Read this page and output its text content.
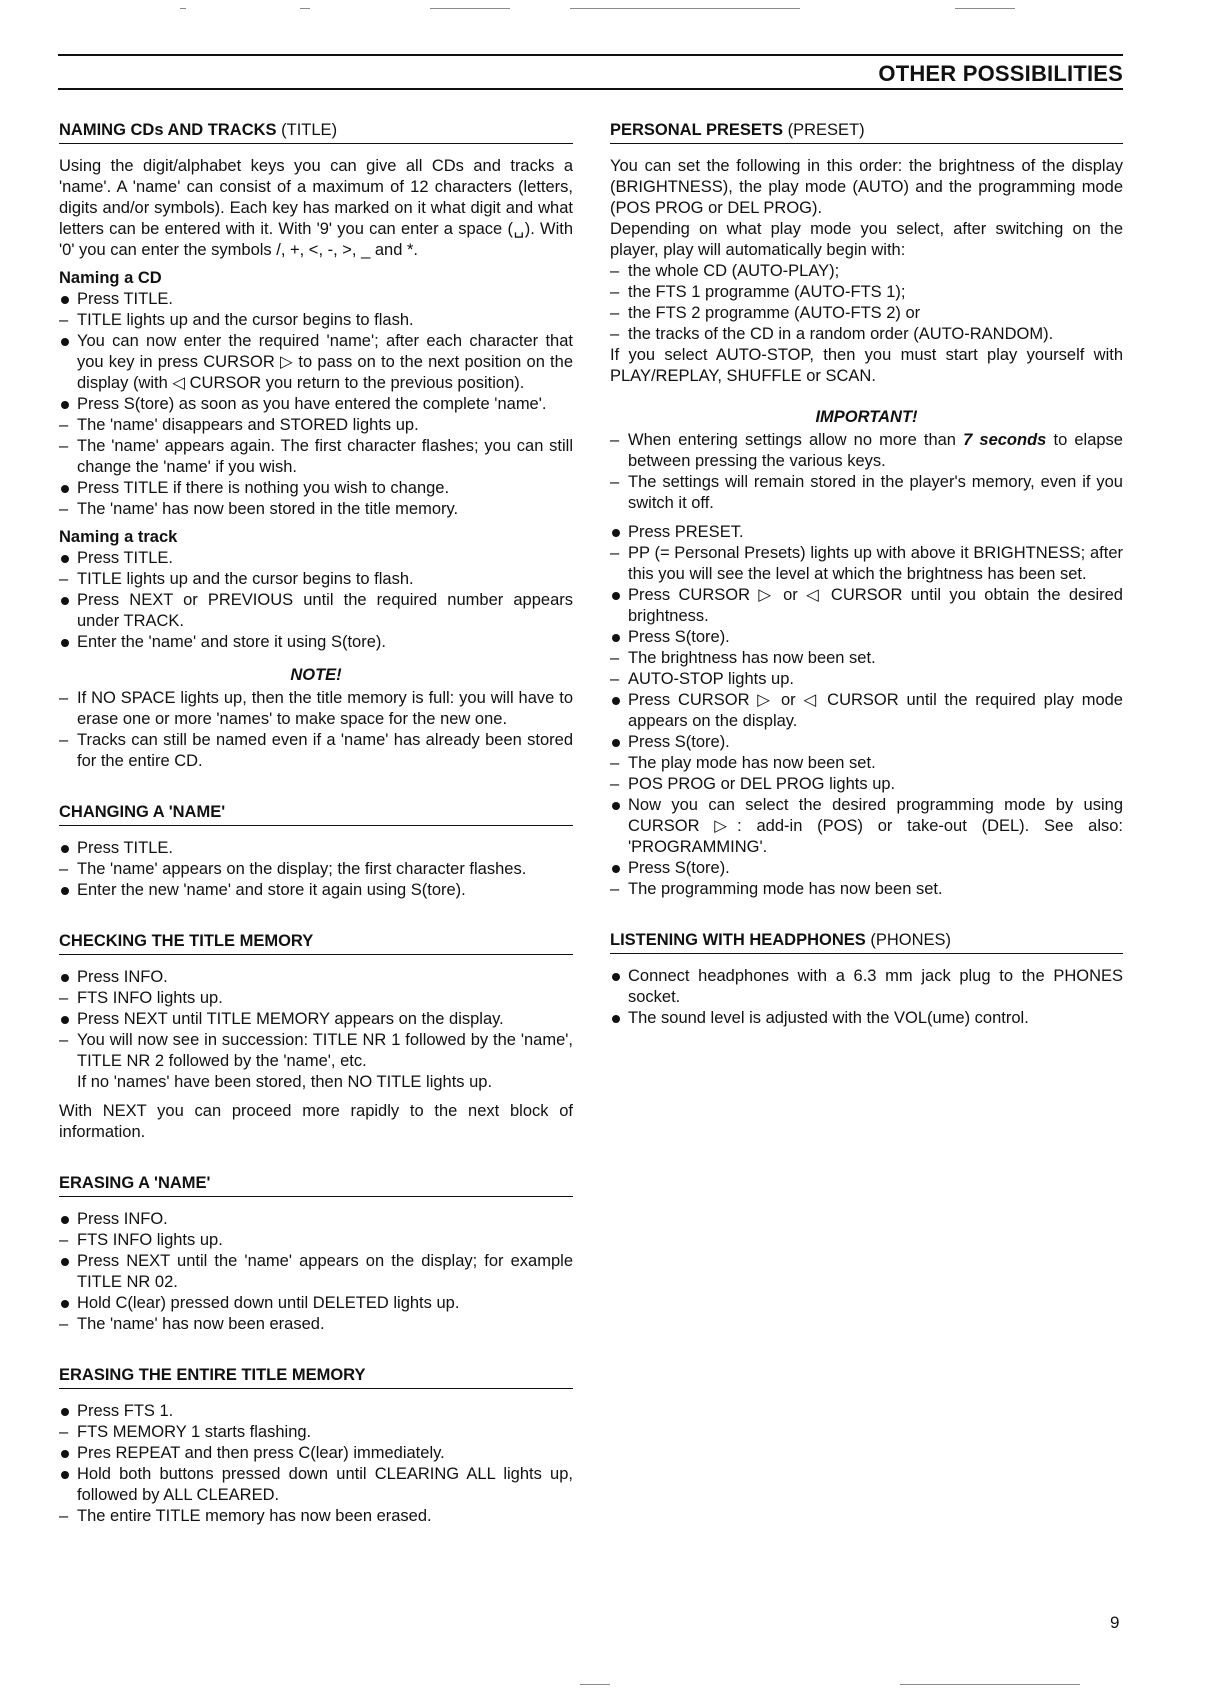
OTHER POSSIBILITIES
NAMING CDs AND TRACKS (TITLE)

Using the digit/alphabet keys you can give all CDs and tracks a 'name'. A 'name' can consist of a maximum of 12 characters (letters, digits and/or symbols). Each key has marked on it what digit and what letters can be entered with it. With '9' you can enter a space (␣). With '0' you can enter the symbols /, +, <, -, >, _ and *.

Naming a CD
Press TITLE.
– TITLE lights up and the cursor begins to flash.
You can now enter the required 'name'; after each character that you key in press CURSOR ▷ to pass on to the next position on the display (with ◁ CURSOR you return to the previous position).
Press S(tore) as soon as you have entered the complete 'name'.
– The 'name' disappears and STORED lights up.
– The 'name' appears again. The first character flashes; you can still change the 'name' if you wish.
Press TITLE if there is nothing you wish to change.
– The 'name' has now been stored in the title memory.
Naming a track
Press TITLE.
– TITLE lights up and the cursor begins to flash.
Press NEXT or PREVIOUS until the required number appears under TRACK.
Enter the 'name' and store it using S(tore).
NOTE!
– If NO SPACE lights up, then the title memory is full: you will have to erase one or more 'names' to make space for the new one.
– Tracks can still be named even if a 'name' has already been stored for the entire CD.
CHANGING A 'NAME'
Press TITLE.
– The 'name' appears on the display; the first character flashes.
Enter the new 'name' and store it again using S(tore).
CHECKING THE TITLE MEMORY
Press INFO.
– FTS INFO lights up.
Press NEXT until TITLE MEMORY appears on the display.
– You will now see in succession: TITLE NR 1 followed by the 'name', TITLE NR 2 followed by the 'name', etc.
If no 'names' have been stored, then NO TITLE lights up.

With NEXT you can proceed more rapidly to the next block of information.

ERASING A 'NAME'
Press INFO.
– FTS INFO lights up.
Press NEXT until the 'name' appears on the display; for example TITLE NR 02.
Hold C(lear) pressed down until DELETED lights up.
– The 'name' has now been erased.
ERASING THE ENTIRE TITLE MEMORY
Press FTS 1.
– FTS MEMORY 1 starts flashing.
Pres REPEAT and then press C(lear) immediately.
Hold both buttons pressed down until CLEARING ALL lights up, followed by ALL CLEARED.
– The entire TITLE memory has now been erased.
PERSONAL PRESETS (PRESET)

You can set the following in this order: the brightness of the display (BRIGHTNESS), the play mode (AUTO) and the programming mode (POS PROG or DEL PROG).

Depending on what play mode you select, after switching on the player, play will automatically begin with:

– the whole CD (AUTO-PLAY);
– the FTS 1 programme (AUTO-FTS 1);
– the FTS 2 programme (AUTO-FTS 2) or
– the tracks of the CD in a random order (AUTO-RANDOM).

If you select AUTO-STOP, then you must start play yourself with PLAY/REPLAY, SHUFFLE or SCAN.

IMPORTANT!
– When entering settings allow no more than 7 seconds to elapse between pressing the various keys.
– The settings will remain stored in the player's memory, even if you switch it off.
Press PRESET.
– PP (= Personal Presets) lights up with above it BRIGHTNESS; after this you will see the level at which the brightness has been set.
Press CURSOR ▷ or ◁ CURSOR until you obtain the desired brightness.
Press S(tore).
– The brightness has now been set.
– AUTO-STOP lights up.
Press CURSOR ▷ or ◁ CURSOR until the required play mode appears on the display.
Press S(tore).
– The play mode has now been set.
– POS PROG or DEL PROG lights up.
Now you can select the desired programming mode by using CURSOR ▷: add-in (POS) or take-out (DEL). See also: 'PROGRAMMING'.
Press S(tore).
– The programming mode has now been set.
LISTENING WITH HEADPHONES (PHONES)
Connect headphones with a 6.3 mm jack plug to the PHONES socket.
The sound level is adjusted with the VOL(ume) control.
9
